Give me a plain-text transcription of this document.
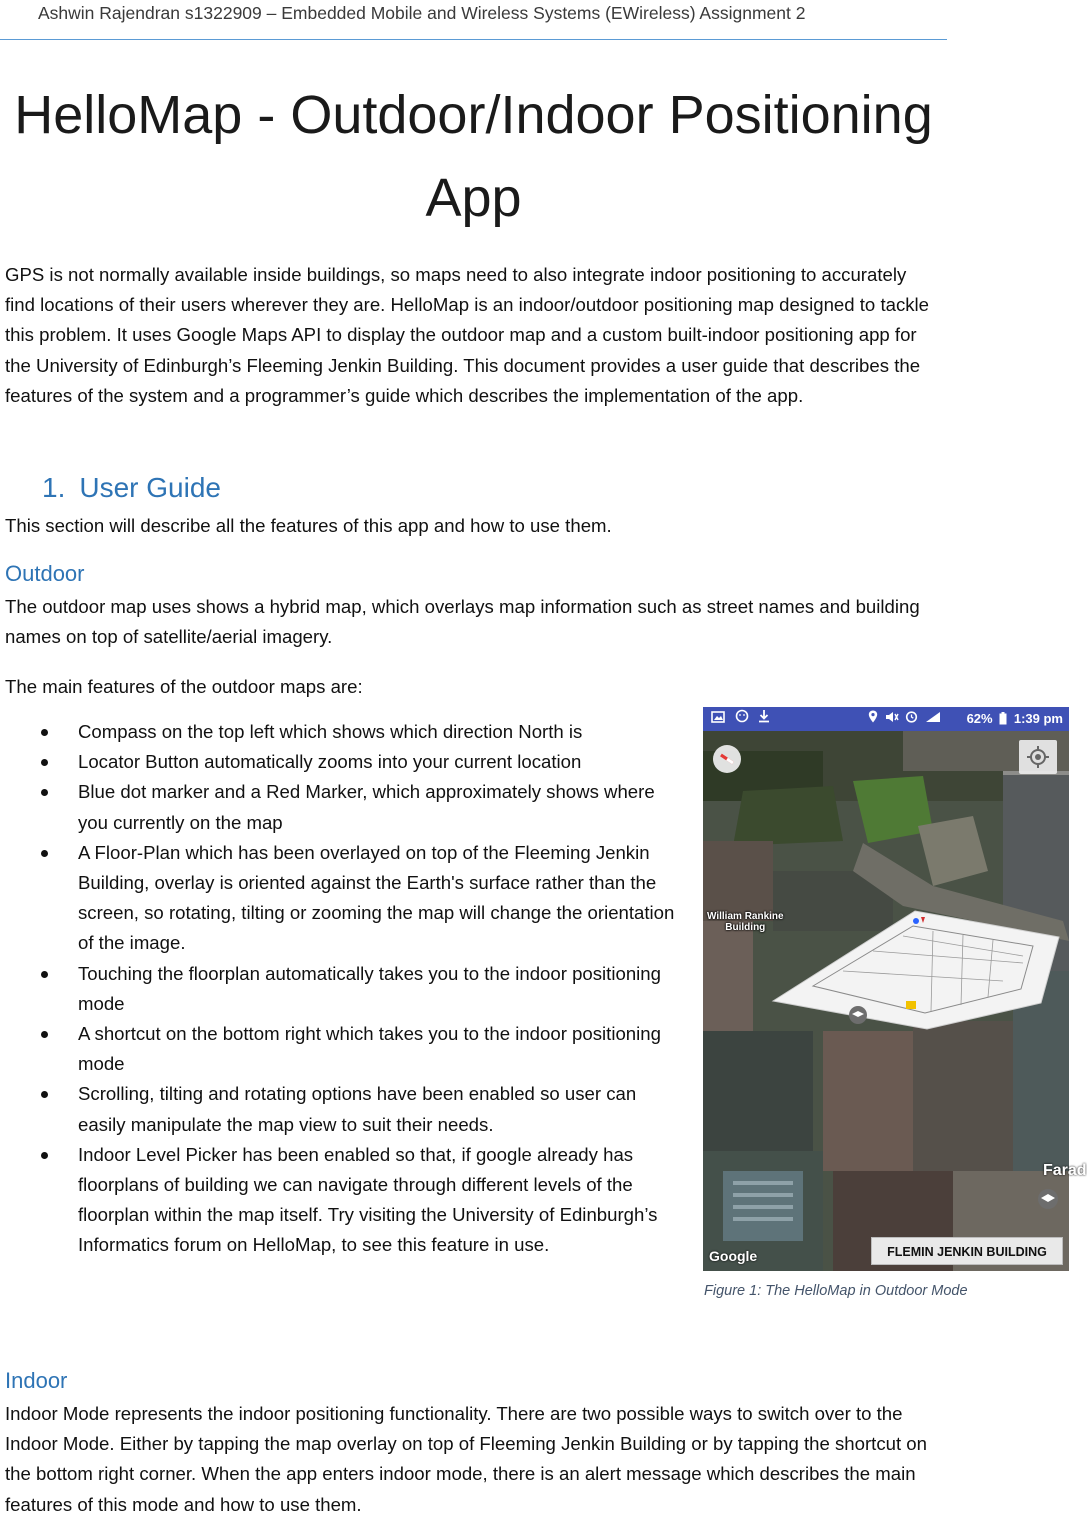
Ashwin Rajendran s1322909 – Embedded Mobile and Wireless Systems (EWireless) Assignment 2
HelloMap - Outdoor/Indoor Positioning
App

GPS is not normally available inside buildings, so maps need to also integrate indoor positioning to accurately find locations of their users wherever they are. HelloMap is an indoor/outdoor positioning map designed to tackle this problem. It uses Google Maps API to display the outdoor map and a custom built-indoor positioning app for the University of Edinburgh’s Fleeming Jenkin Building. This document provides a user guide that describes the features of the system and a programmer’s guide which describes the implementation of the app.

1. User Guide

This section will describe all the features of this app and how to use them.

Outdoor

The outdoor map uses shows a hybrid map, which overlays map information such as street names and building names on top of satellite/aerial imagery.

The main features of the outdoor maps are:

Compass on the top left which shows which direction North is
Locator Button automatically zooms into your current location
Blue dot marker and a Red Marker, which approximately shows where you currently on the map
A Floor-Plan which has been overlayed on top of the Fleeming Jenkin Building, overlay is oriented against the Earth's surface rather than the screen, so rotating, tilting or zooming the map will change the orientation of the image.
Touching the floorplan automatically takes you to the indoor positioning mode
A shortcut on the bottom right which takes you to the indoor positioning mode
Scrolling, tilting and rotating options have been enabled so user can easily manipulate the map view to suit their needs.
Indoor Level Picker has been enabled so that, if google already has floorplans of building we can navigate through different levels of the floorplan within the map itself. Try visiting the University of Edinburgh’s Informatics forum on HelloMap, to see this feature in use.

62% 1:39 pm
William Rankine
Building
Farad
Google	FLEMIN JENKIN BUILDING
Figure 1: The HelloMap in Outdoor Mode
Indoor

Indoor Mode represents the indoor positioning functionality. There are two possible ways to switch over to the Indoor Mode. Either by tapping the map overlay on top of Fleeming Jenkin Building or by tapping the shortcut on the bottom right corner. When the app enters indoor mode, there is an alert message which describes the main features of this mode and how to use them.
